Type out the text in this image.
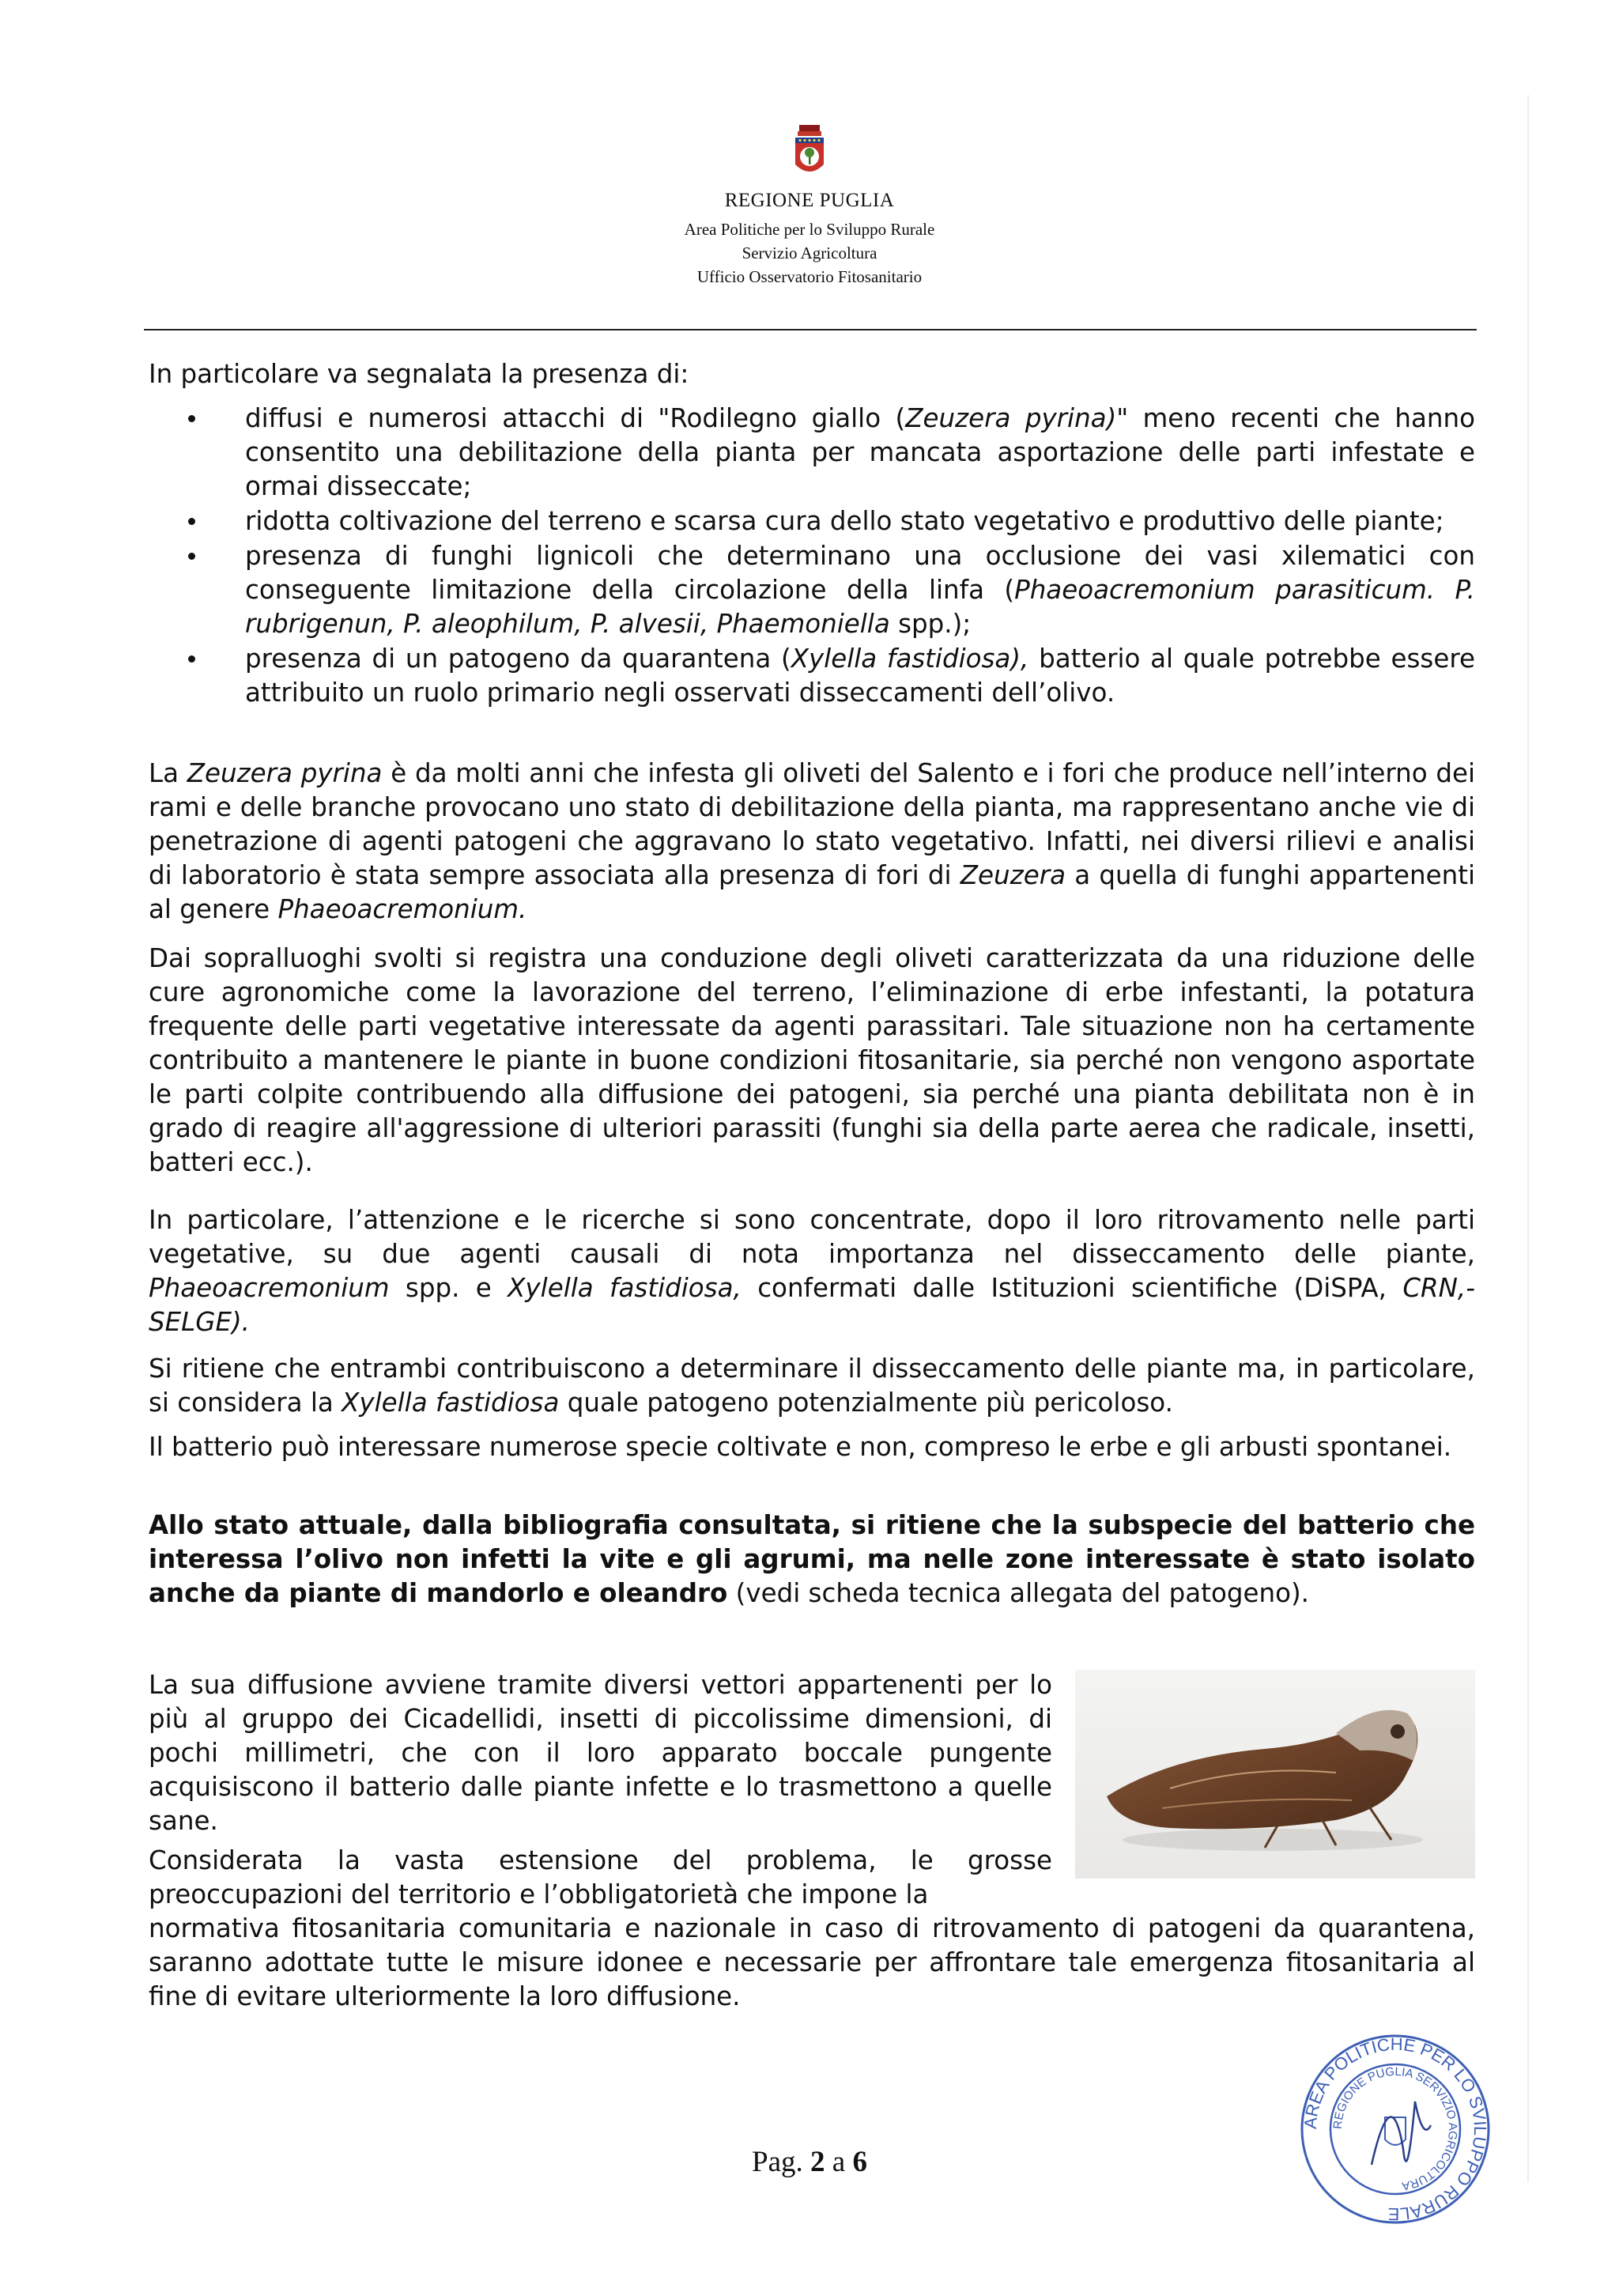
REGIONE PUGLIA
Area Politiche per lo Sviluppo Rurale
Servizio Agricoltura
Ufficio Osservatorio Fitosanitario
In particolare va segnalata la presenza di:
diffusi e numerosi attacchi di "Rodilegno giallo (Zeuzera pyrina)" meno recenti che hanno consentito una debilitazione della pianta per mancata asportazione delle parti infestate e ormai disseccate;
ridotta coltivazione del terreno e scarsa cura dello stato vegetativo e produttivo delle piante;
presenza di funghi lignicoli che determinano una occlusione dei vasi xilematici con conseguente limitazione della circolazione della linfa (Phaeoacremonium parasiticum. P. rubrigenun, P. aleophilum, P. alvesii, Phaemoniella spp.);
presenza di un patogeno da quarantena (Xylella fastidiosa), batterio al quale potrebbe essere attribuito un ruolo primario negli osservati disseccamenti dell’olivo.
La Zeuzera pyrina è da molti anni che infesta gli oliveti del Salento e i fori che produce nell’interno dei rami e delle branche provocano uno stato di debilitazione della pianta, ma rappresentano anche vie di penetrazione di agenti patogeni che aggravano lo stato vegetativo. Infatti, nei diversi rilievi e analisi di laboratorio è stata sempre associata alla presenza di fori di Zeuzera a quella di funghi appartenenti al genere Phaeoacremonium.
Dai sopralluoghi svolti si registra una conduzione degli oliveti caratterizzata da una riduzione delle cure agronomiche come la lavorazione del terreno, l’eliminazione di erbe infestanti, la potatura frequente delle parti vegetative interessate da agenti parassitari. Tale situazione non ha certamente contribuito a mantenere le piante in buone condizioni fitosanitarie, sia perché non vengono asportate le parti colpite contribuendo alla diffusione dei patogeni, sia perché una pianta debilitata non è in grado di reagire all'aggressione di ulteriori parassiti (funghi sia della parte aerea che radicale, insetti, batteri ecc.).
In particolare, l’attenzione e le ricerche si sono concentrate, dopo il loro ritrovamento nelle parti vegetative, su due agenti causali di nota importanza nel disseccamento delle piante, Phaeoacremonium spp. e Xylella fastidiosa, confermati dalle Istituzioni scientifiche (DiSPA, CRN,- SELGE).
Si ritiene che entrambi contribuiscono a determinare il disseccamento delle piante ma, in particolare, si considera la Xylella fastidiosa quale patogeno potenzialmente più pericoloso.
Il batterio può interessare numerose specie coltivate e non, compreso le erbe e gli arbusti spontanei.
Allo stato attuale, dalla bibliografia consultata, si ritiene che la subspecie del batterio che interessa l’olivo non infetti la vite e gli agrumi, ma nelle zone interessate è stato isolato anche da piante di mandorlo e oleandro (vedi scheda tecnica allegata del patogeno).
La sua diffusione avviene tramite diversi vettori appartenenti per lo più al gruppo dei Cicadellidi, insetti di piccolissime dimensioni, di pochi millimetri, che con il loro apparato boccale pungente acquisiscono il batterio dalle piante infette e lo trasmettono a quelle sane.
Considerata la vasta estensione del problema, le grosse preoccupazioni del territorio e l’obbligatorietà che impone la
normativa fitosanitaria comunitaria e nazionale in caso di ritrovamento di patogeni da quarantena, saranno adottate tutte le misure idonee e necessarie per affrontare tale emergenza fitosanitaria al fine di evitare ulteriormente la loro diffusione.
Pag. 2 a 6
AREA POLITICHE PER LO SVILUPPO RURALE
REGIONE PUGLIA SERVIZIO AGRICOLTURA
